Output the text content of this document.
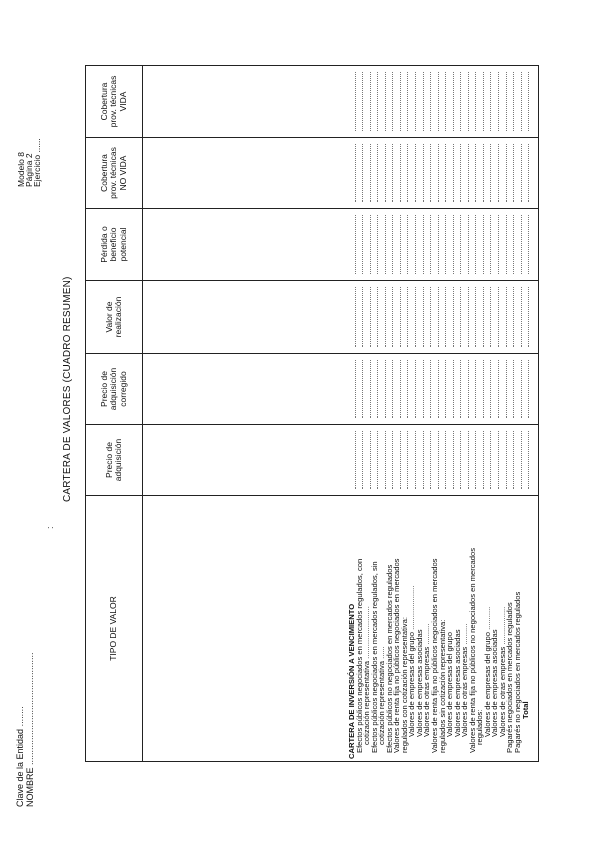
Clave de la Entidad ........
NOMBRE .............................................
:
Modelo 8
Página 2
Ejercicio ......
CARTERA DE VALORES (CUADRO RESUMEN)
TIPO DE VALOR
Precio de
adquisición
Precio de
adquisición
corregido
Valor de
realización
Pérdida o
beneficio
potencial
Cobertura
prov. técnicas
NO VIDA
Cobertura
prov. técnicas
VIDA
CARTERA DE INVERSIÓN A VENCIMIENTO
Efectos públicos negociados en mercados regulados, con
cotización representativa .........................
Efectos públicos negociados en mercados regulados, sin
cotización representativa ......
Efectos públicos no negociados en mercados regulados
Valores de renta fija no públicos negociados en mercados
regulados con cotización representativa:
Valores de empresas del grupo .....................
Valores de empresas asociadas
Valores de otras empresas ..........
Valores de renta fija no públicos negociados en mercados
regulados sin cotización representativa:
Valores de empresas del grupo
Valores de empresas asociadas
Valores de otras empresas ..........
Valores de renta fija no públicos no negociados en mercados
regulados:
Valores de empresas del grupo ...........
Valores de empresas asociadas
Valores de otras empresas ..................
Pagarés negociados en mercados regulados
Pagarés no negociados en mercados regulados
Total
